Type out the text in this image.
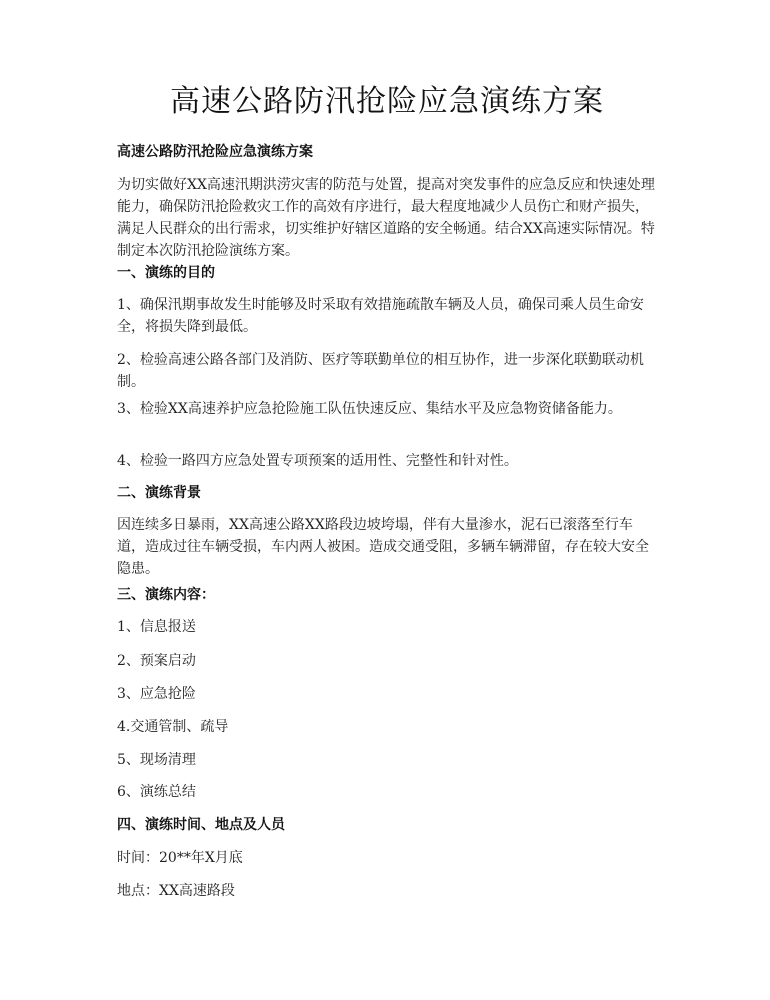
高速公路防汛抢险应急演练方案

高速公路防汛抢险应急演练方案

为切实做好XX高速汛期洪涝灾害的防范与处置，提高对突发事件的应急反应和快速处理能力，确保防汛抢险救灾工作的高效有序进行，最大程度地减少人员伤亡和财产损失，满足人民群众的出行需求，切实维护好辖区道路的安全畅通。结合XX高速实际情况。特制定本次防汛抢险演练方案。

一、演练的目的

1、确保汛期事故发生时能够及时采取有效措施疏散车辆及人员，确保司乘人员生命安全，将损失降到最低。

2、检验高速公路各部门及消防、医疗等联勤单位的相互协作，进一步深化联勤联动机制。

3、检验XX高速养护应急抢险施工队伍快速反应、集结水平及应急物资储备能力。

4、检验一路四方应急处置专项预案的适用性、完整性和针对性。

二、演练背景

因连续多日暴雨，XX高速公路XX路段边坡垮塌，伴有大量渗水，泥石已滚落至行车道，造成过往车辆受损，车内两人被困。造成交通受阻，多辆车辆滞留，存在较大安全隐患。

三、演练内容：

1、信息报送

2、预案启动

3、应急抢险

4.交通管制、疏导

5、现场清理

6、演练总结

四、演练时间、地点及人员

时间：20**年X月底

地点：XX高速路段
